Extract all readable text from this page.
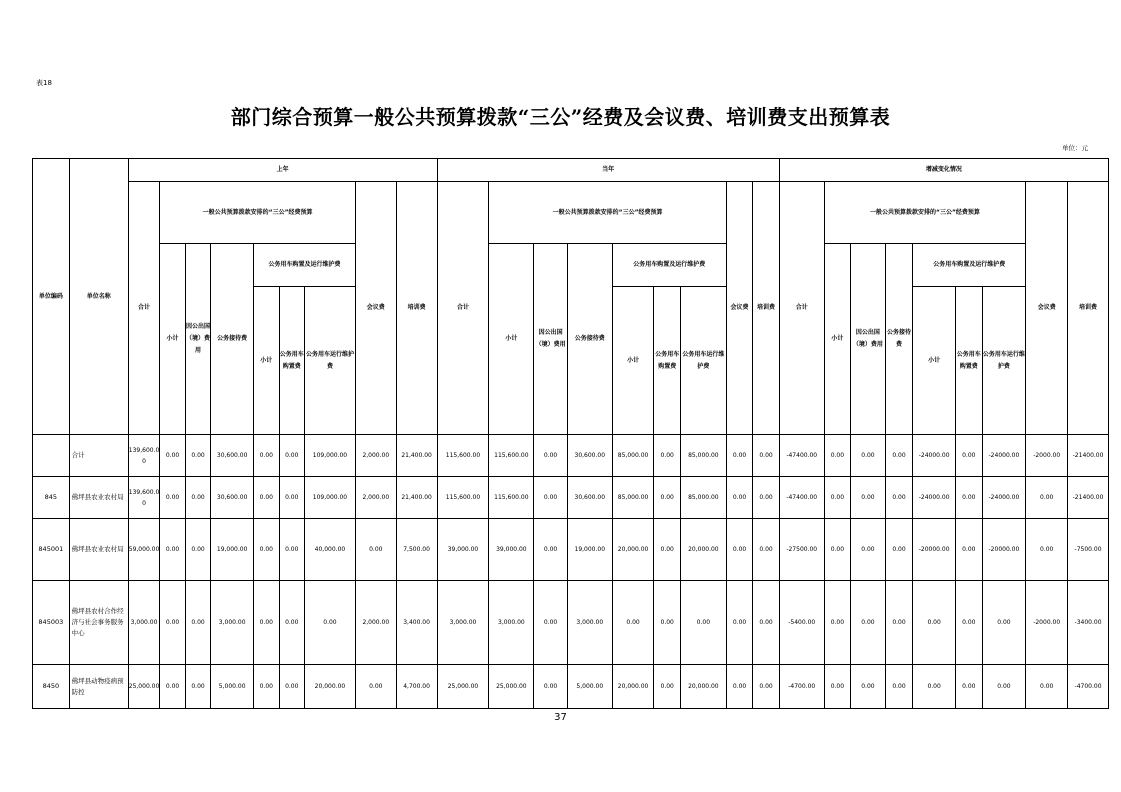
表18
部门综合预算一般公共预算拨款“三公”经费及会议费、培训费支出预算表
单位：元
单位编码	单位名称	上年									当年									增减变化情况								
		合计	一般公共预算拨款安排的“三公”经费预算						会议费	培训费	合计	一般公共预算拨款安排的“三公”经费预算						会议费	培训费	合计	一般公共预算拨款安排的“三公”经费预算						会议费	培训费
			小计	因公出国（境）费用	公务接待费	公务用车购置及运行维护费						小计	因公出国（境）费用	公务接待费	公务用车购置及运行维护费						小计	因公出国（境）费用	公务接待费	公务用车购置及运行维护费				
						小计	公务用车购置费	公务用车运行维护费							小计	公务用车购置费	公务用车运行维护费							小计	公务用车购置费	公务用车运行维护费		

	合计	139,600.00	0.00	0.00	30,600.00	0.00	0.00	109,000.00	2,000.00	21,400.00	115,600.00	115,600.00	0.00	30,600.00	85,000.00	0.00	85,000.00	0.00	0.00	-47400.00	0.00	0.00	0.00	-24000.00	0.00	-24000.00	-2000.00	-21400.00
845	佛坪县农业农村局	139,600.00	0.00	0.00	30,600.00	0.00	0.00	109,000.00	2,000.00	21,400.00	115,600.00	115,600.00	0.00	30,600.00	85,000.00	0.00	85,000.00	0.00	0.00	-47400.00	0.00	0.00	0.00	-24000.00	0.00	-24000.00	0.00	-21400.00
845001	佛坪县农业农村局	59,000.00	0.00	0.00	19,000.00	0.00	0.00	40,000.00	0.00	7,500.00	39,000.00	39,000.00	0.00	19,000.00	20,000.00	0.00	20,000.00	0.00	0.00	-27500.00	0.00	0.00	0.00	-20000.00	0.00	-20000.00	0.00	-7500.00
845003	佛坪县农村合作经济与社会事务服务中心	3,000.00	0.00	0.00	3,000.00	0.00	0.00	0.00	2,000.00	3,400.00	3,000.00	3,000.00	0.00	3,000.00	0.00	0.00	0.00	0.00	0.00	-5400.00	0.00	0.00	0.00	0.00	0.00	0.00	-2000.00	-3400.00
8450	佛坪县动物疫病预防控	25,000.00	0.00	0.00	5,000.00	0.00	0.00	20,000.00	0.00	4,700.00	25,000.00	25,000.00	0.00	5,000.00	20,000.00	0.00	20,000.00	0.00	0.00	-4700.00	0.00	0.00	0.00	0.00	0.00	0.00	0.00	-4700.00
37
